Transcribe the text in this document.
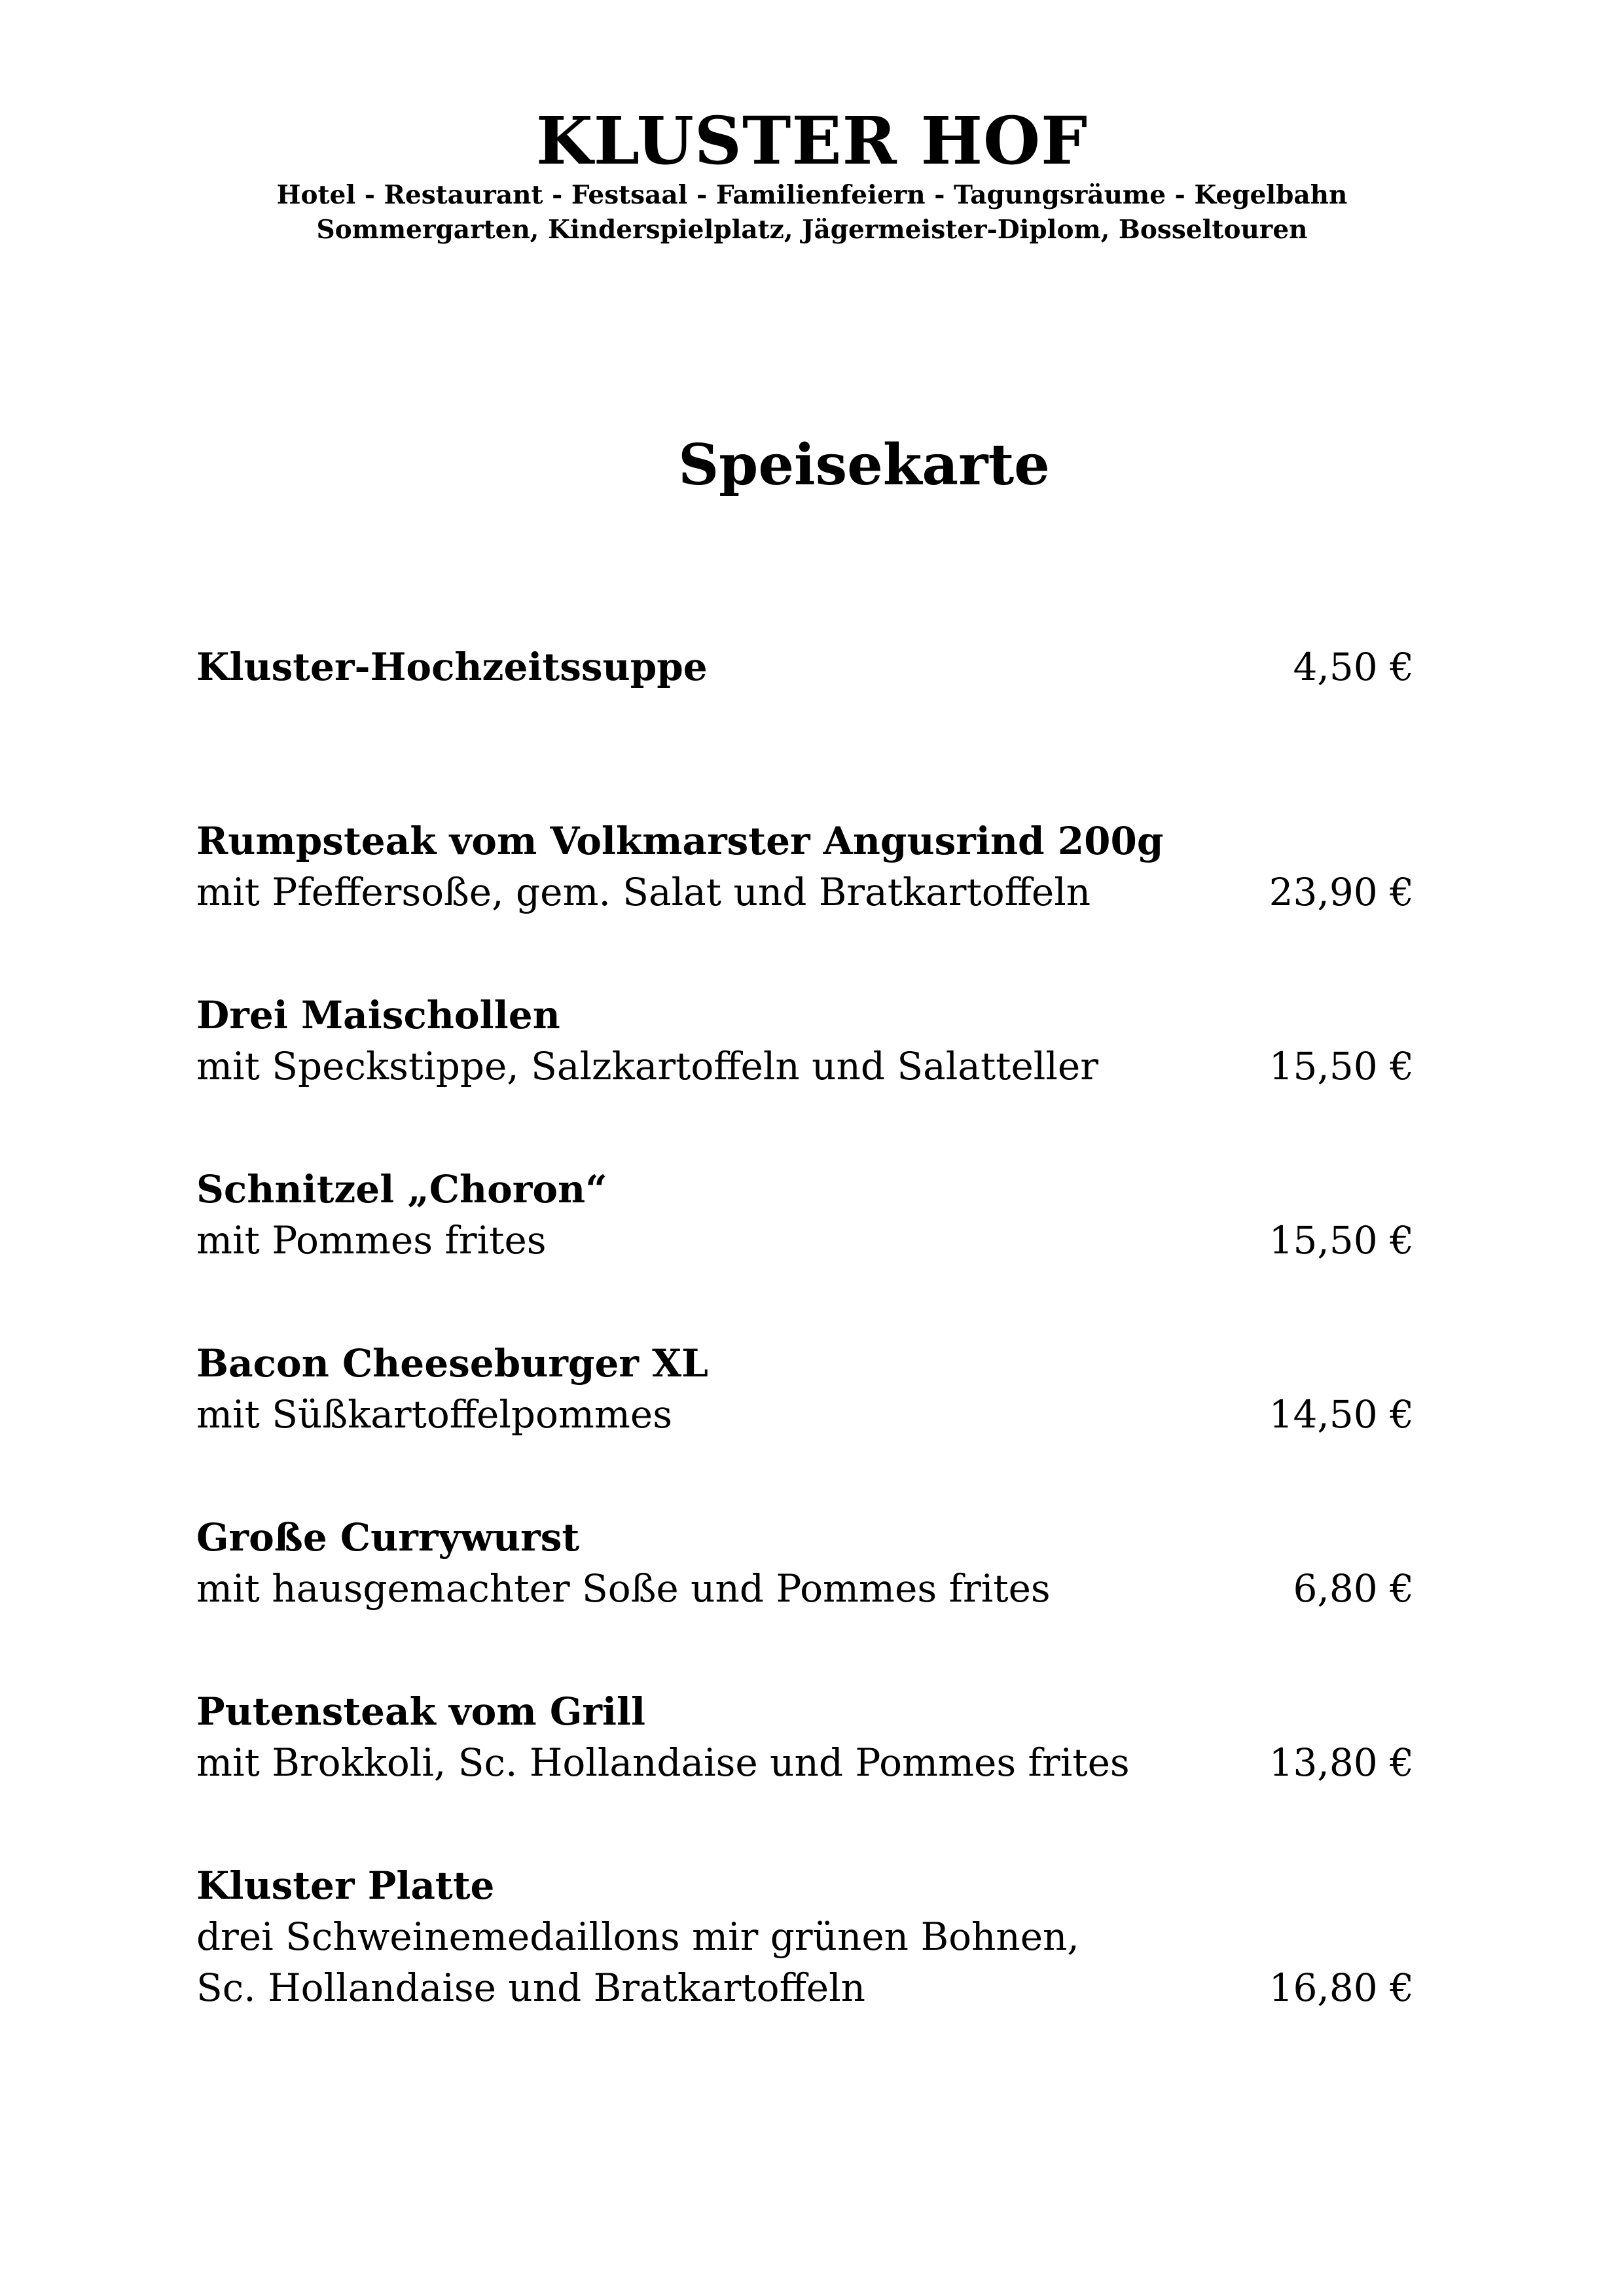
KLUSTER HOF

Hotel - Restaurant - Festsaal - Familienfeiern - Tagungsräume - Kegelbahn

Sommergarten, Kinderspielplatz, Jägermeister-Diplom, Bosseltouren

Speisekarte
Kluster-Hochzeitssuppe	4,50 €
Rumpsteak vom Volkmarster Angusrind 200g
mit Pfeffersoße, gem. Salat und Bratkartoffeln	23,90 €
Drei Maischollen
mit Speckstippe, Salzkartoffeln und Salatteller	15,50 €
Schnitzel „Choron“
mit Pommes frites	15,50 €
Bacon Cheeseburger XL
mit Süßkartoffelpommes	14,50 €
Große Currywurst
mit hausgemachter Soße und Pommes frites	6,80 €
Putensteak vom Grill
mit Brokkoli, Sc. Hollandaise und Pommes frites	13,80 €
Kluster Platte
drei Schweinemedaillons mir grünen Bohnen,
Sc. Hollandaise und Bratkartoffeln	16,80 €
